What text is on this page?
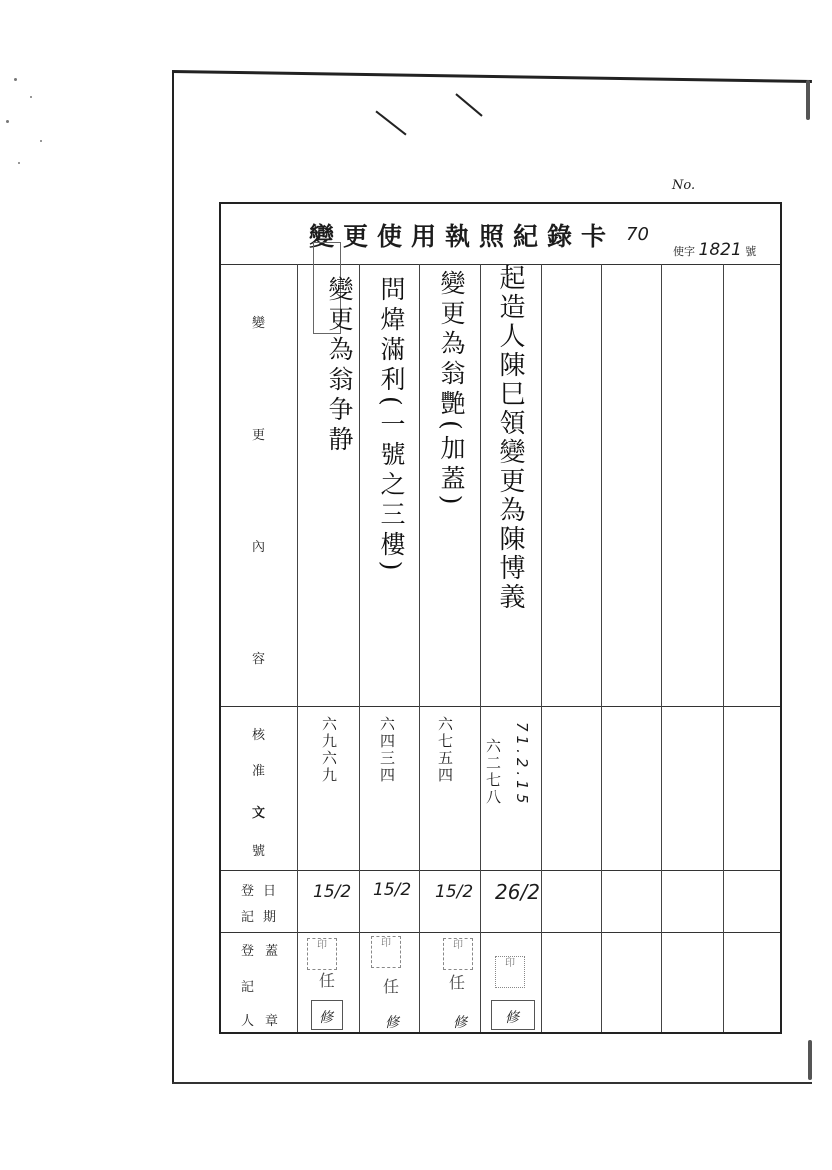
No.
變更使用執照紀錄卡 70
使字 1821 號
變
更
內
容
核
准
文
號
登
記
日
期
登
記
蓋
人 章
變更為翁争静 問煒滿利(一號之三樓) 變更為翁艷(加蓋) 起造人陳巳領變更為陳博義
六九六九	六四三四	六七五四 六二七八 71.2.15
15/2 15/2 15/2 26/2
印
任
修
印
任
修
印
任
修
印
修
